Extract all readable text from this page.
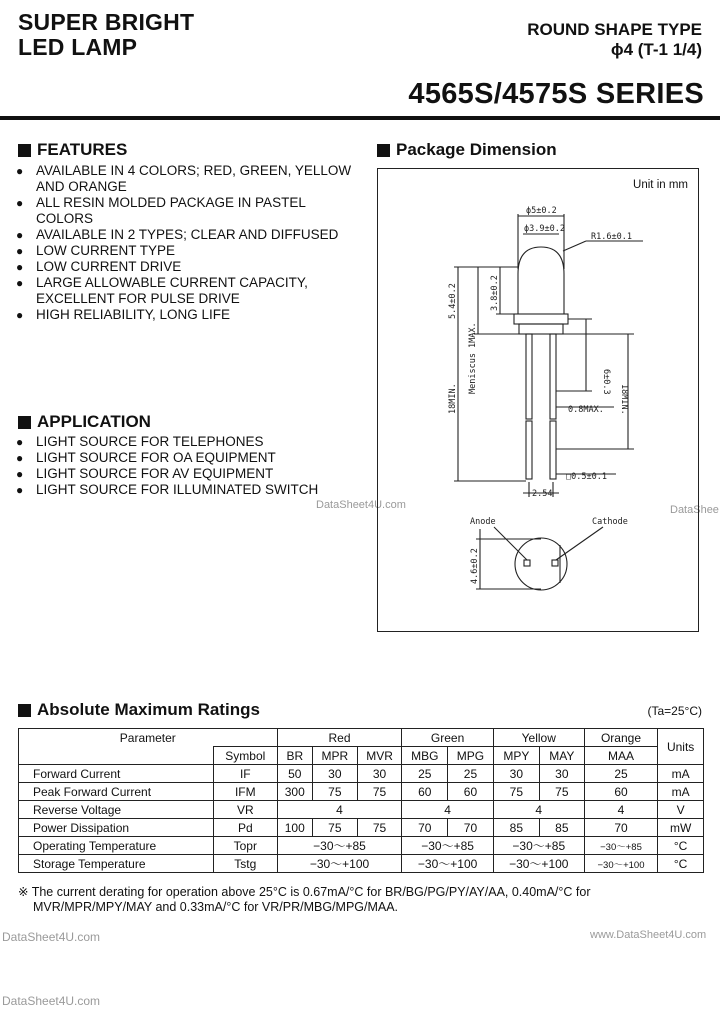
SUPER BRIGHT
LED LAMP
ROUND SHAPE TYPE
ϕ4 (T-1 1/4)
4565S/4575S SERIES
FEATURES
● AVAILABLE IN 4 COLORS; RED, GREEN, YELLOW AND ORANGE
● ALL RESIN MOLDED PACKAGE IN PASTEL COLORS
● AVAILABLE IN 2 TYPES; CLEAR AND DIFFUSED
● LOW CURRENT TYPE
● LOW CURRENT DRIVE
● LARGE ALLOWABLE CURRENT CAPACITY, EXCELLENT FOR PULSE DRIVE
● HIGH RELIABILITY, LONG LIFE
APPLICATION
● LIGHT SOURCE FOR TELEPHONES
● LIGHT SOURCE FOR OA EQUIPMENT
● LIGHT SOURCE FOR AV EQUIPMENT
● LIGHT SOURCE FOR ILLUMINATED SWITCH
DataSheet4U.com	DataShee
Package Dimension
Unit in mm
ϕ5±0.2
ϕ3.9±0.2
R1.6±0.1
5.4±0.2	3.8±0.2
6±0.3
Meniscus 1MAX.
18MIN.	18MIN.
0.8MAX.
□0.5±0.1
2.54
Anode	Cathode
4.6±0.2
Absolute Maximum Ratings	(Ta=25°C)
Parameter		Red			Green		Yellow		Orange	Units
	Symbol	BR	MPR	MVR	MBG	MPG	MPY	MAY	MAA	
Forward Current	IF	50	30	30	25	25	30	30	25	mA
Peak Forward Current	IFM	300	75	75	60	60	75	75	60	mA
Reverse Voltage	VR	4			4		4		4	V
Power Dissipation	Pd	100	75	75	70	70	85	85	70	mW
Operating Temperature	Topr	−30～+85			−30～+85		−30～+85		−30～+85	°C
Storage Temperature	Tstg	−30～+100			−30～+100		−30～+100		−30～+100	°C
※ The current derating for operation above 25°C is 0.67mA/°C for BR/BG/PG/PY/AY/AA, 0.40mA/°C for
MVR/MPR/MPY/MAY and 0.33mA/°C for VR/PR/MBG/MPG/MAA.
DataSheet4U.com	www.DataSheet4U.com
DataSheet4U.com
